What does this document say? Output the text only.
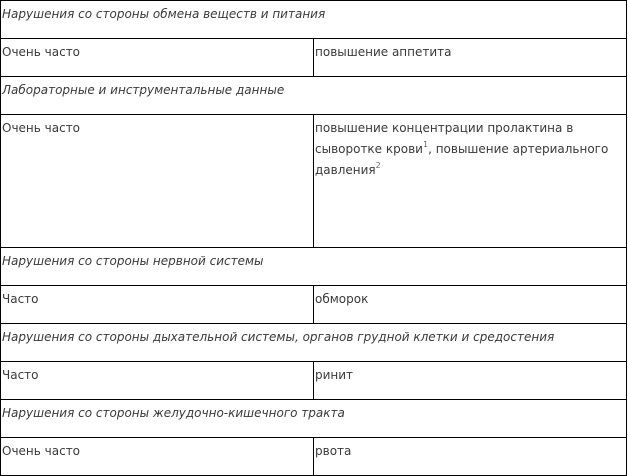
Нарушения со стороны обмена веществ и питания	
Очень часто	повышение аппетита
Лабораторные и инструментальные данные	
Очень часто	повышение концентрации пролактина в сыворотке крови$^1$, повышение артериального давления$^2$
Нарушения со стороны нервной системы	
Часто	обморок
Нарушения со стороны дыхательной системы, органов грудной клетки и средостения	
Часто	ринит
Нарушения со стороны желудочно-кишечного тракта	
Очень часто	рвота
